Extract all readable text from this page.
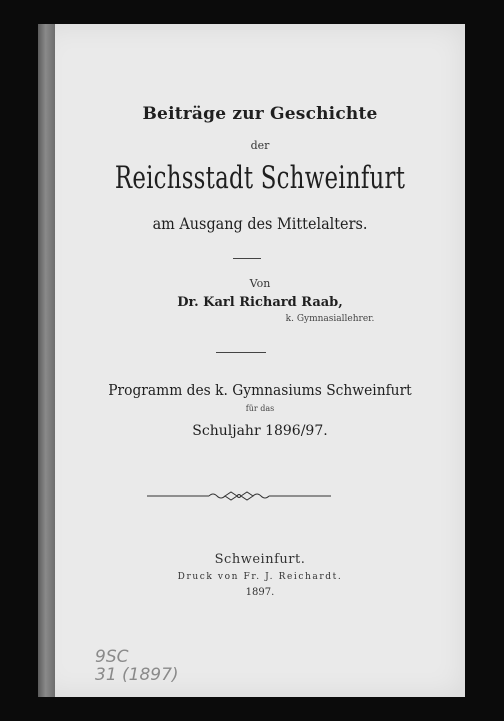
Beiträge zur Geschichte
der
Reichsstadt Schweinfurt
am Ausgang des Mittelalters.
Von
Dr. Karl Richard Raab,
k. Gymnasiallehrer.
Programm des k. Gymnasiums Schweinfurt
für das
Schuljahr 1896/97.
Schweinfurt.
Druck von Fr. J. Reichardt.
1897.
9SC
31 (1897)
